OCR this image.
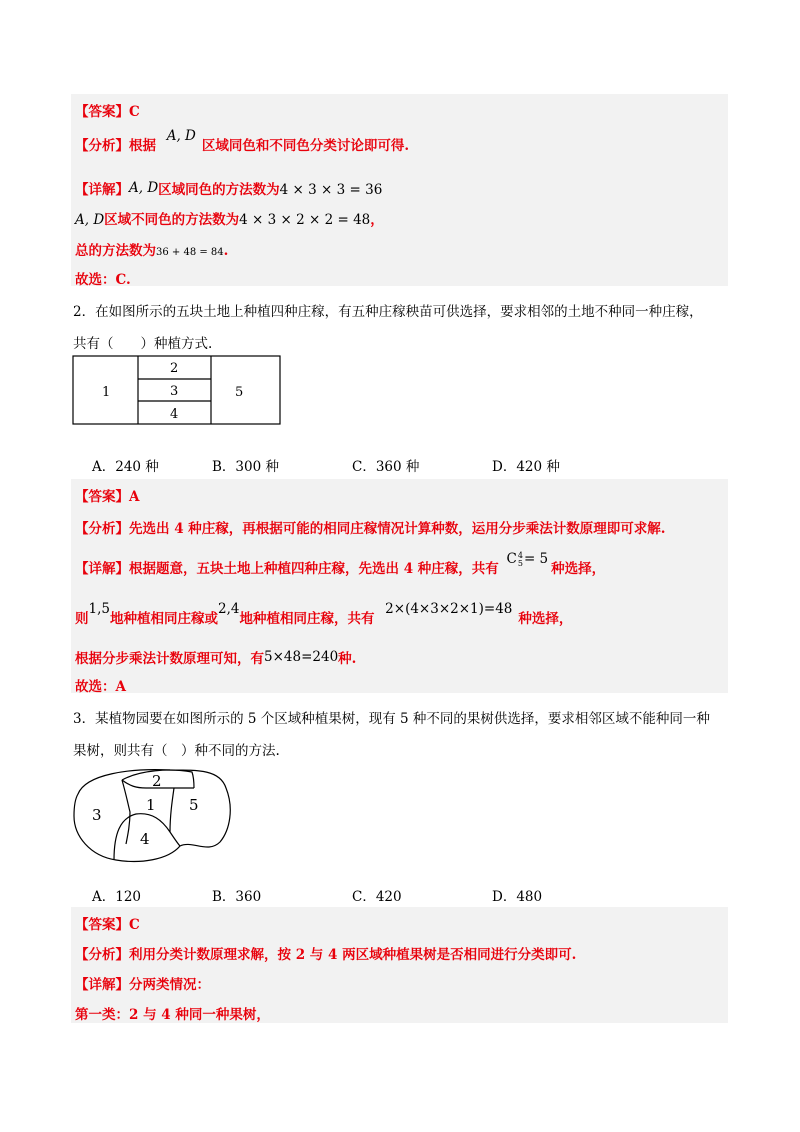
【答案】C
【分析】根据 A, D区域同色和不同色分类讨论即可得.
【详解】A, D区域同色的方法数为4 × 3 × 3 = 36
A, D区域不同色的方法数为4 × 3 × 2 × 2 = 48，
总的方法数为36 + 48 = 84.
故选：C.
2．在如图所示的五块土地上种植四种庄稼，有五种庄稼秧苗可供选择，要求相邻的土地不种同一种庄稼，
共有（　　）种植方式.
1
2
3
4
5
A．240 种	B．300 种	C．360 种	D．420 种
【答案】A
【分析】先选出 4 种庄稼，再根据可能的相同庄稼情况计算种数，运用分步乘法计数原理即可求解.
【详解】根据题意，五块土地上种植四种庄稼，先选出 4 种庄稼，共有 C 4
5 = 5种选择，
则1,5地种植相同庄稼或2,4地种植相同庄稼，共有 2×(4×3×2×1)=48种选择，
根据分步乘法计数原理可知，有5×48=240种.
故选：A
3．某植物园要在如图所示的 5 个区域种植果树，现有 5 种不同的果树供选择，要求相邻区域不能种同一种
果树，则共有（　）种不同的方法.
2
1
3
5
4
A．120	B．360	C．420	D．480
【答案】C
【分析】利用分类计数原理求解，按 2 与 4 两区域种植果树是否相同进行分类即可.
【详解】分两类情况：
第一类：2 与 4 种同一种果树，
